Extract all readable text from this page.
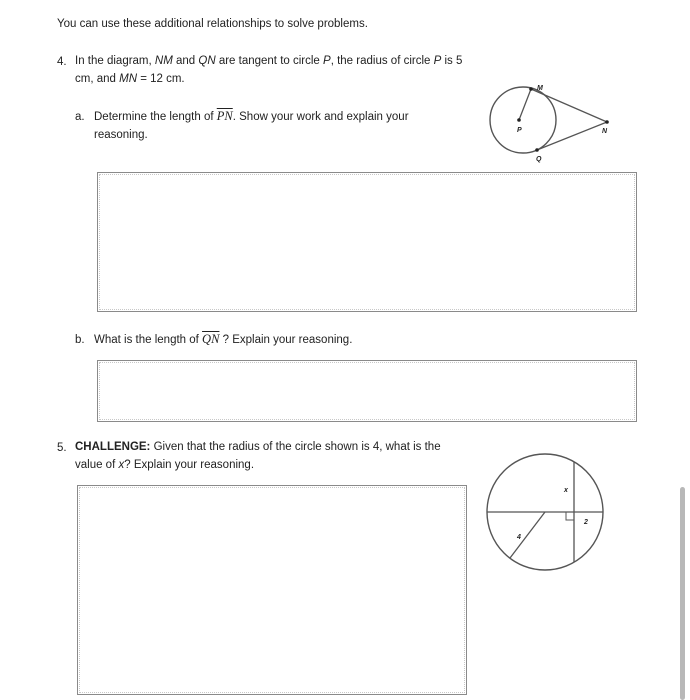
You can use these additional relationships to solve problems.
4. In the diagram, NM and QN are tangent to circle P, the radius of circle P is 5
cm, and MN = 12 cm.
a. Determine the length of $\overline{PN}$. Show your work and explain your
reasoning.
M
P	N
Q
b. What is the length of $\overline{QN}$ ? Explain your reasoning.
5. CHALLENGE: Given that the radius of the circle shown is 4, what is the
value of x? Explain your reasoning.
x
4
2
